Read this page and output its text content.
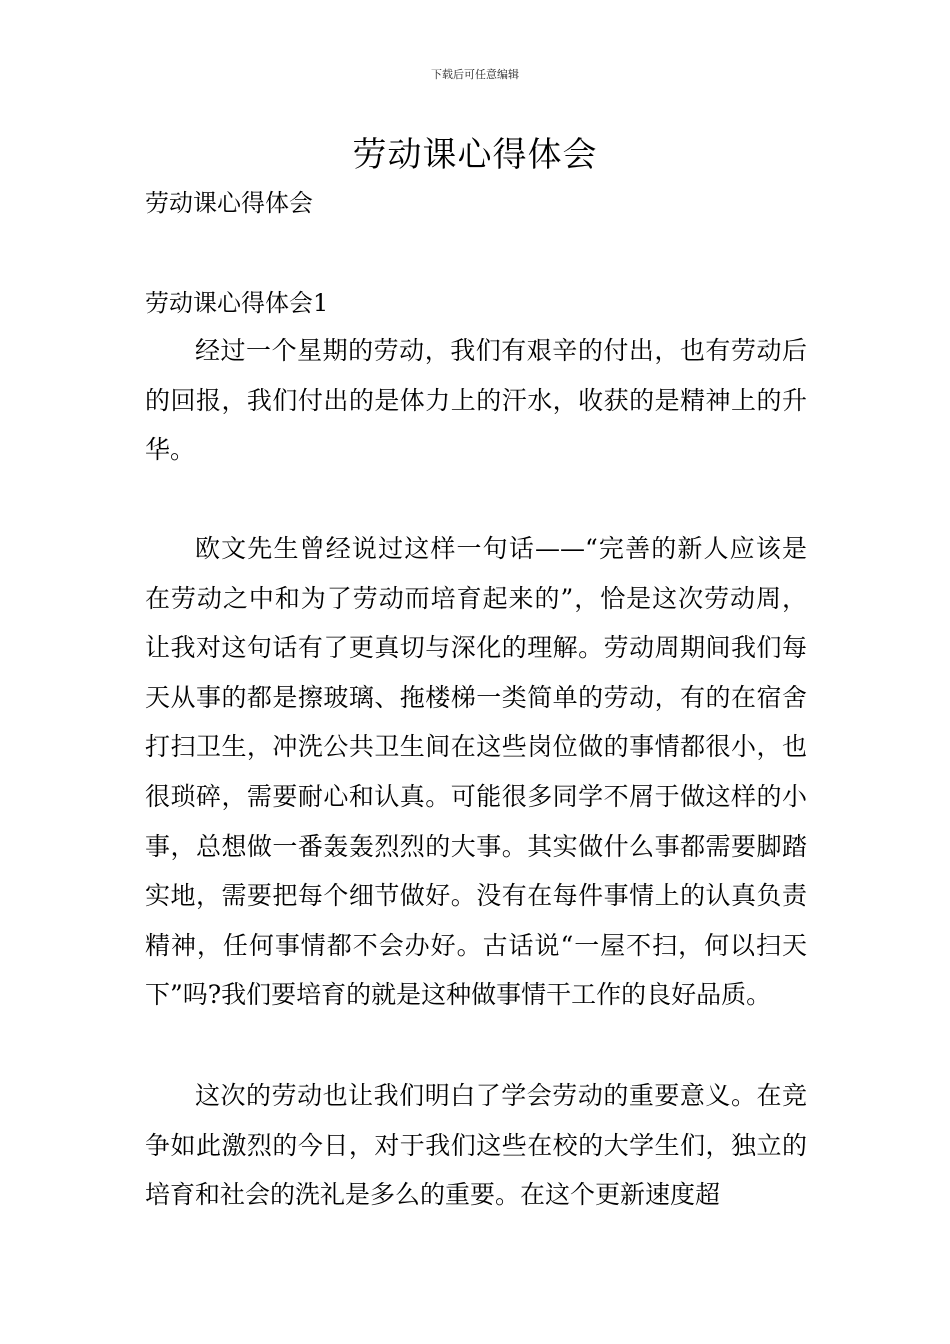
下载后可任意编辑
劳动课心得体会

劳动课心得体会

劳动课心得体会1

经过一个星期的劳动，我们有艰辛的付出，也有劳动后的回报，我们付出的是体力上的汗水，收获的是精神上的升华。

欧文先生曾经说过这样一句话——“完善的新人应该是在劳动之中和为了劳动而培育起来的”，恰是这次劳动周，让我对这句话有了更真切与深化的理解。劳动周期间我们每天从事的都是擦玻璃、拖楼梯一类简单的劳动，有的在宿舍打扫卫生，冲洗公共卫生间在这些岗位做的事情都很小，也很琐碎，需要耐心和认真。可能很多同学不屑于做这样的小事，总想做一番轰轰烈烈的大事。其实做什么事都需要脚踏实地，需要把每个细节做好。没有在每件事情上的认真负责精神，任何事情都不会办好。古话说“一屋不扫，何以扫天下”吗?我们要培育的就是这种做事情干工作的良好品质。

这次的劳动也让我们明白了学会劳动的重要意义。在竞争如此激烈的今日，对于我们这些在校的大学生们，独立的培育和社会的洗礼是多么的重要。在这个更新速度超
